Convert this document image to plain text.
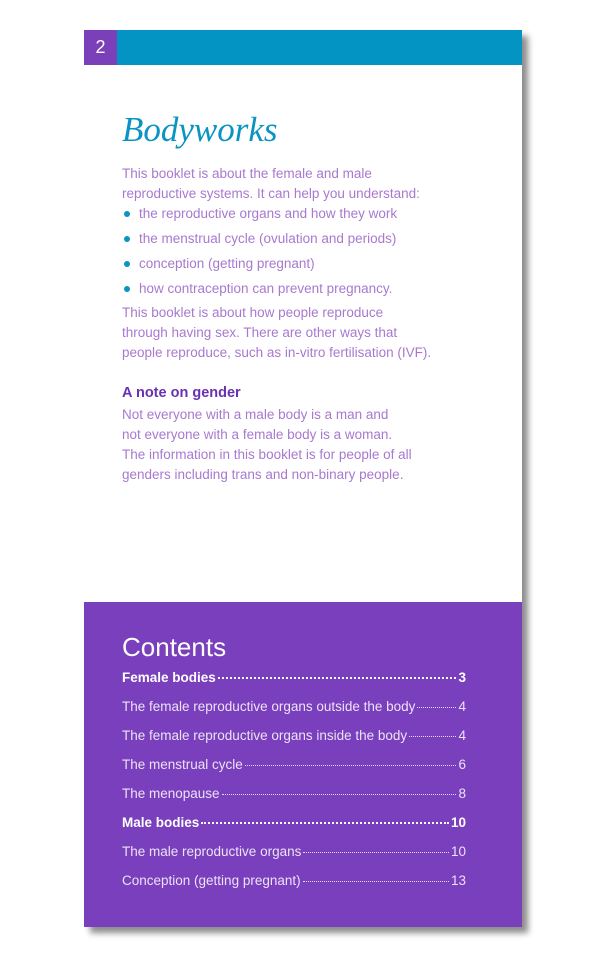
2
Bodyworks

This booklet is about the female and male
reproductive systems. It can help you understand:

the reproductive organs and how they work
the menstrual cycle (ovulation and periods)
conception (getting pregnant)
how contraception can prevent pregnancy.

This booklet is about how people reproduce
through having sex. There are other ways that
people reproduce, such as in-vitro fertilisation (IVF).

A note on gender

Not everyone with a male body is a man and
not everyone with a female body is a woman.
The information in this booklet is for people of all
genders including trans and non-binary people.

Contents
Female bodies	3
The female reproductive organs outside the body	4
The female reproductive organs inside the body	4
The menstrual cycle	6
The menopause	8
Male bodies	10
The male reproductive organs	10
Conception (getting pregnant)	13
